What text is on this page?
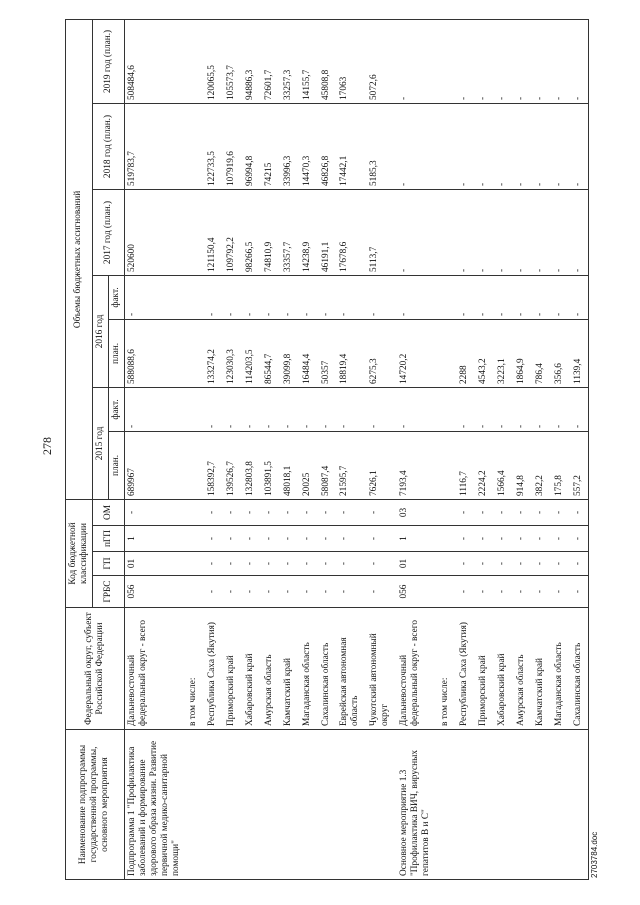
278
Наименование подпрограммы государственной программы, основного мероприятия	Федеральный округ, субъект Российской Федерации	Код бюджетной классификации				Объемы бюджетных ассигнований						
		ГРБС	ГП	пГП	ОМ	2015 год		2016 год		2017 год (план.)	2018 год (план.)	2019 год (план.)
						план.	факт.	план.	факт.			
Подпрограмма 1 "Профилактика заболеваний и формирование здорового образа жизни. Развитие первичной медико-санитарной помощи"	Дальневосточный федеральный округ - всего	056	01	1	-	689967	-	588088,6	-	520600	519783,7	508484,6
	в том числе:											
	Республика Саха (Якутия)	-	-	-	-	158392,7	-	133274,2	-	121150,4	122733,5	120065,5
	Приморский край	-	-	-	-	139526,7	-	123030,3	-	109792,2	107919,6	105573,7
	Хабаровский край	-	-	-	-	132803,8	-	114203,5	-	98266,5	96994,8	94886,3
	Амурская область	-	-	-	-	103891,5	-	86544,7	-	74810,9	74215	72601,7
	Камчатский край	-	-	-	-	48018,1	-	39099,8	-	33357,7	33996,3	33257,3
	Магаданская область	-	-	-	-	20025	-	16484,4	-	14238,9	14470,3	14155,7
	Сахалинская область	-	-	-	-	58087,4	-	50357	-	46191,1	46826,8	45808,8
	Еврейская автономная область	-	-	-	-	21595,7	-	18819,4	-	17678,6	17442,1	17063
	Чукотский автономный округ	-	-	-	-	7626,1	-	6275,3	-	5113,7	5185,3	5072,6
Основное мероприятие 1.3 "Профилактика ВИЧ, вирусных гепатитов В и С"	Дальневосточный федеральный округ - всего	056	01	1	03	7193,4	-	14720,2	-	-	-	-
	в том числе:											
	Республика Саха (Якутия)	-	-	-	-	1116,7	-	2288	-	-	-	-
	Приморский край	-	-	-	-	2224,2	-	4543,2	-	-	-	-
	Хабаровский край	-	-	-	-	1566,4	-	3223,1	-	-	-	-
	Амурская область	-	-	-	-	914,8	-	1864,9	-	-	-	-
	Камчатский край	-	-	-	-	382,2	-	786,4	-	-	-	-
	Магаданская область	-	-	-	-	175,8	-	356,6	-	-	-	-
	Сахалинская область	-	-	-	-	557,2	-	1139,4	-	-	-	-
2703784.doc
